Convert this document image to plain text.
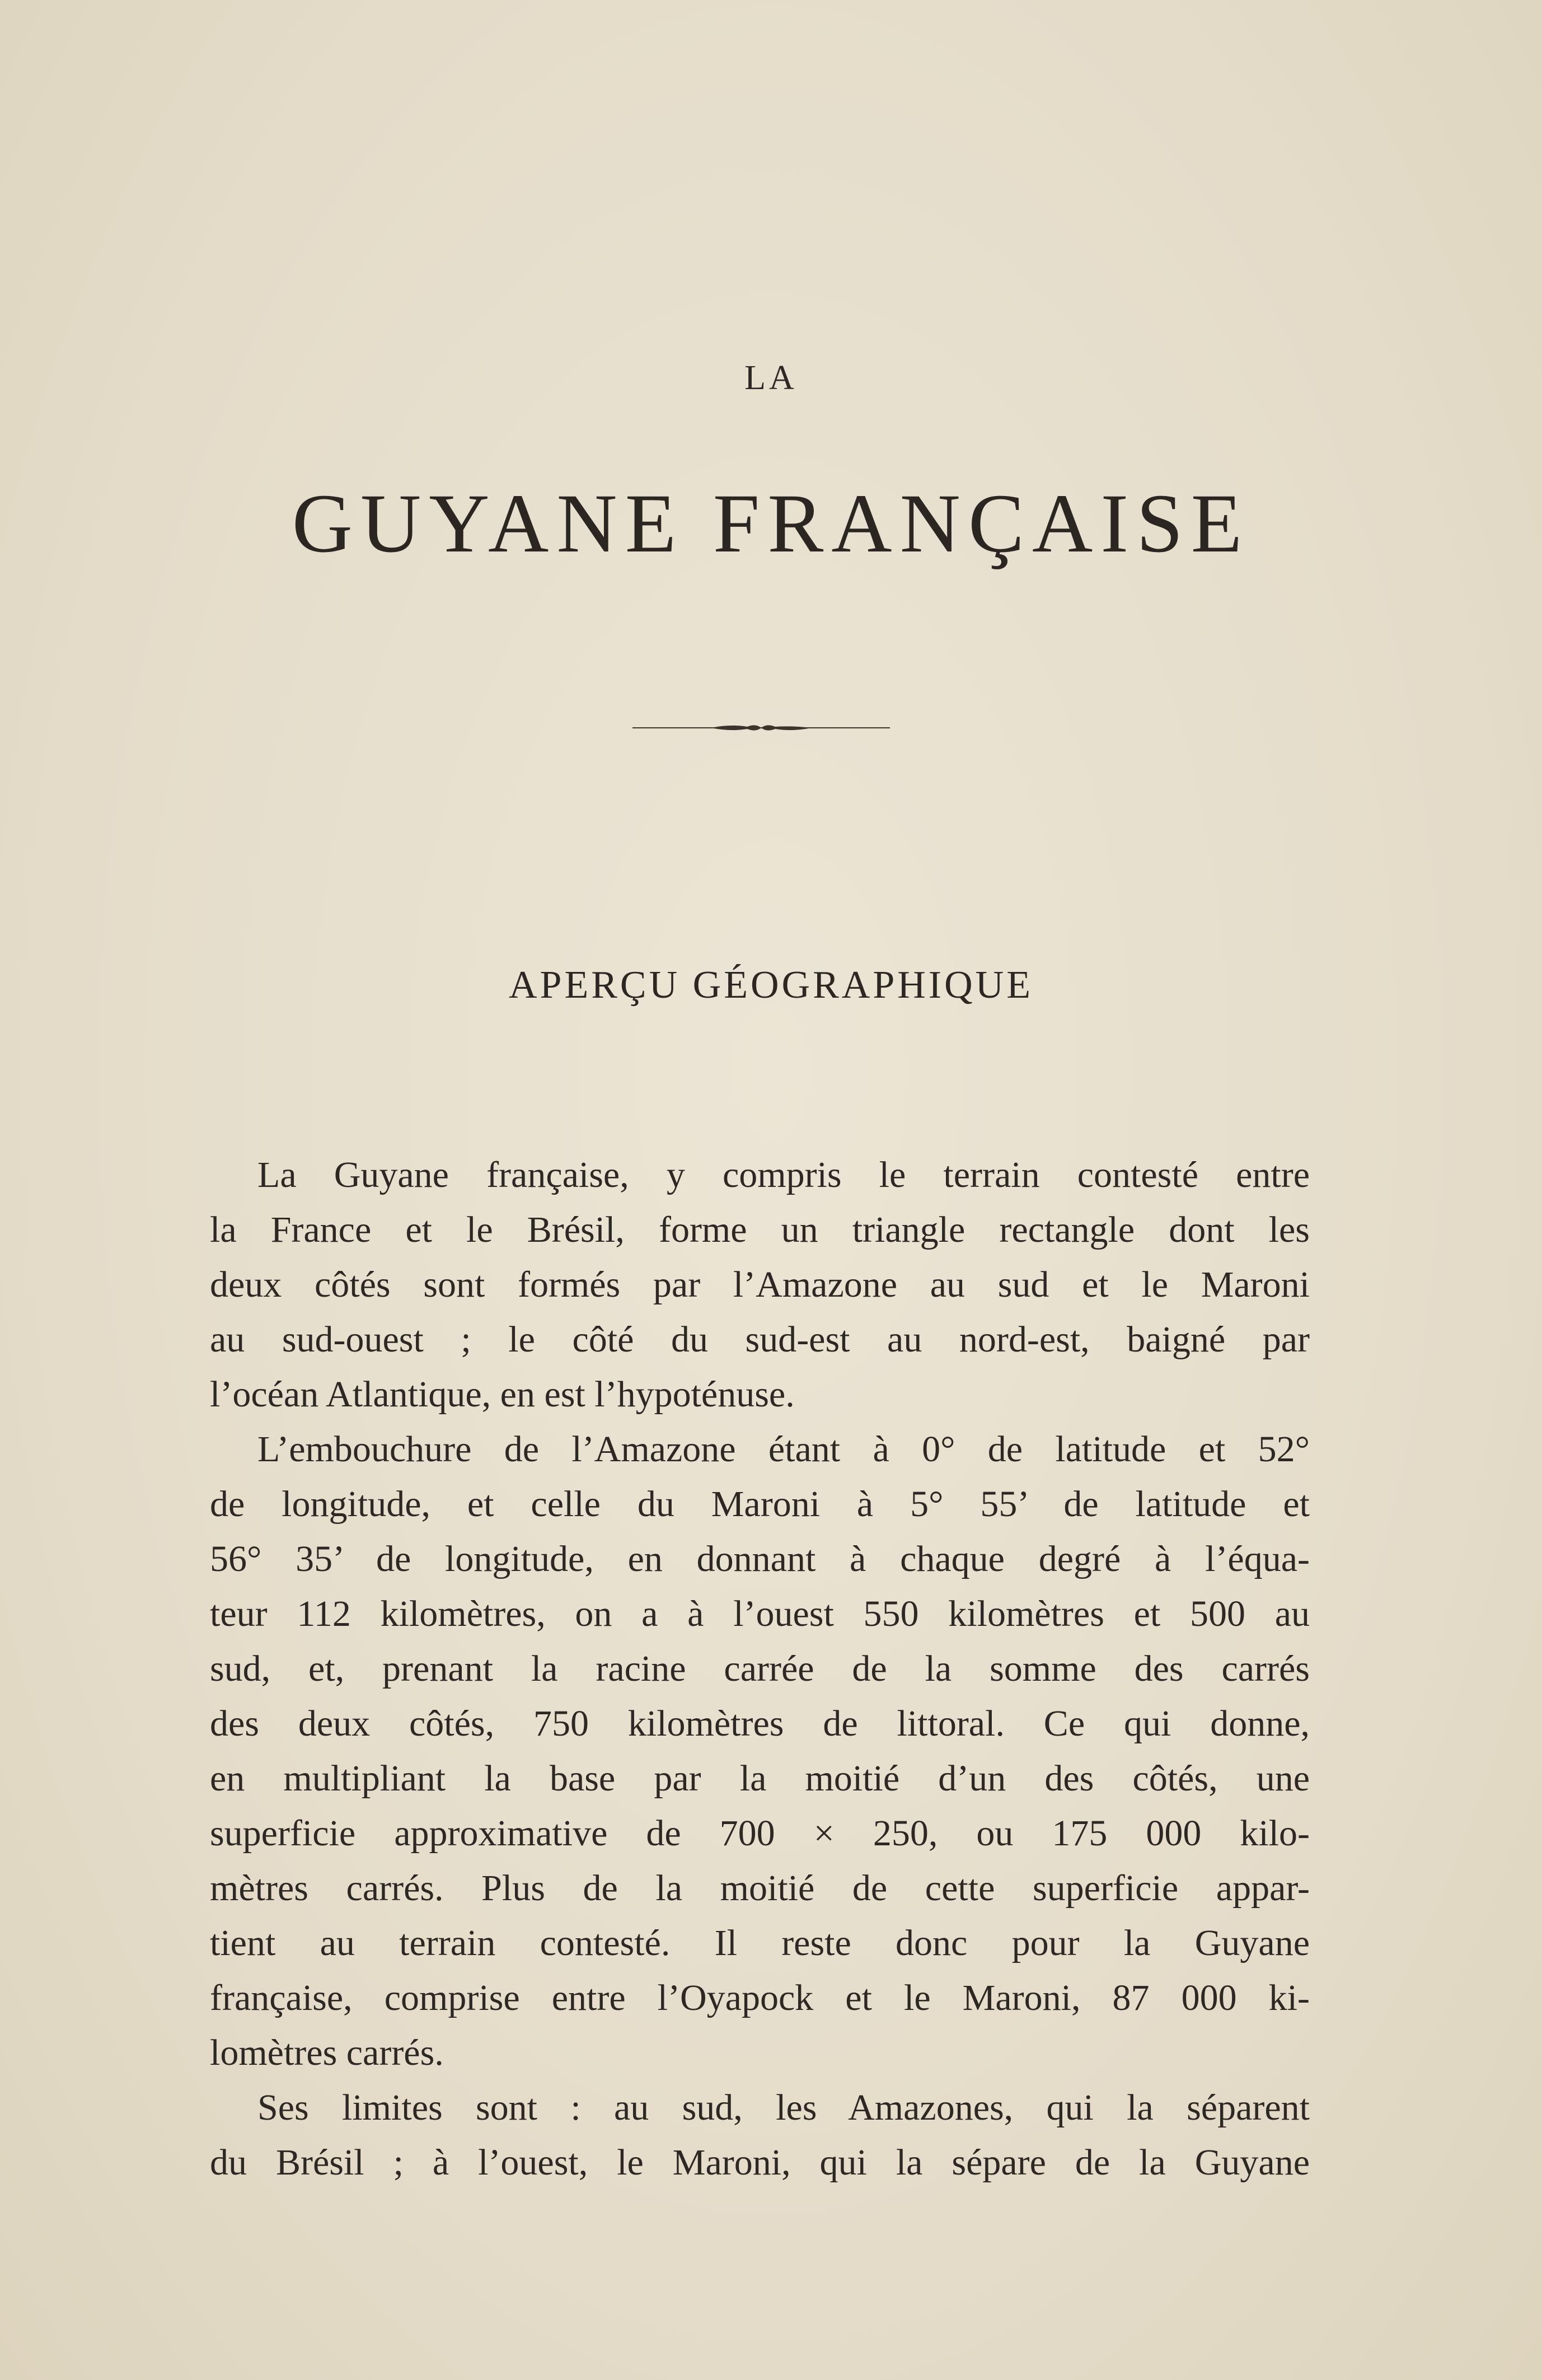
LA
GUYANE FRANÇAISE
APERÇU GÉOGRAPHIQUE
La Guyane française, y compris le terrain contesté entre
la France et le Brésil, forme un triangle rectangle dont les
deux côtés sont formés par l’Amazone au sud et le Maroni
au sud-ouest ; le côté du sud-est au nord-est, baigné par
l’océan Atlantique, en est l’hypoténuse.
L’embouchure de l’Amazone étant à 0° de latitude et 52°
de longitude, et celle du Maroni à 5° 55’ de latitude et
56° 35’ de longitude, en donnant à chaque degré à l’équa-
teur 112 kilomètres, on a à l’ouest 550 kilomètres et 500 au
sud, et, prenant la racine carrée de la somme des carrés
des deux côtés, 750 kilomètres de littoral. Ce qui donne,
en multipliant la base par la moitié d’un des côtés, une
superficie approximative de 700 × 250, ou 175 000 kilo-
mètres carrés. Plus de la moitié de cette superficie appar-
tient au terrain contesté. Il reste donc pour la Guyane
française, comprise entre l’Oyapock et le Maroni, 87 000 ki-
lomètres carrés.
Ses limites sont : au sud, les Amazones, qui la séparent
du Brésil ; à l’ouest, le Maroni, qui la sépare de la Guyane
